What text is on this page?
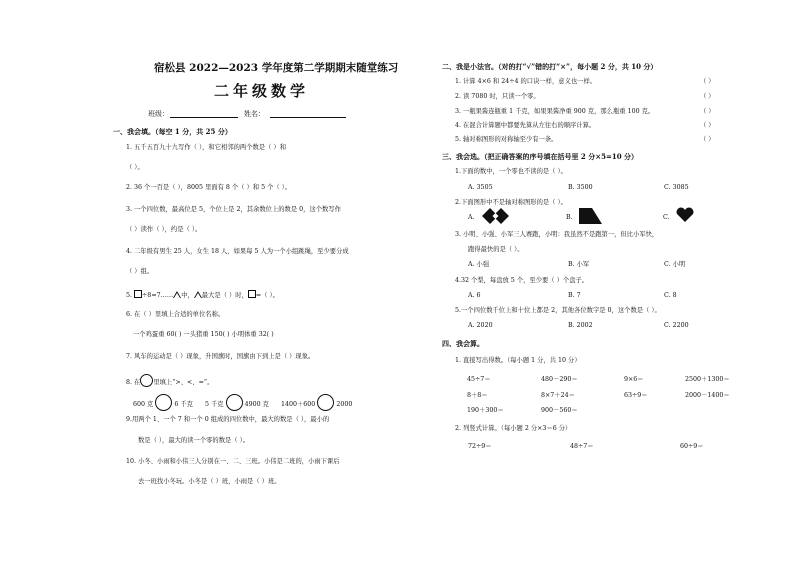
宿松县 2022—2023 学年度第二学期期末随堂练习
二年级数学
班级：	姓名：
一、我会填。（每空 1 分，共 25 分）
1. 五千五百九十九写作（ ），和它相邻的两个数是（ ）和
（ ）。
2. 36 个一百是（ ），8005 里面有 8 个（ ）和 5 个（ ）。
3. 一个四位数，最高位是 5，个位上是 2，其余数位上的数是 0，这个数写作
（ ）读作（ ），约是（ ）。
4. 二年级有男生 25 人，女生 18 人，如果每 5 人为一个小组跳绳，至少要分成
（ ）组。
5. ÷8=7…… 中， 最大是（ ）时， =（ ）。
6. 在（ ）里填上合适的单位名称。
一个鸡蛋重 60( ) 一头猪重 150( ) 小明体重 32( )
7. 风车的运动是（ ）现象，升国旗时，国旗由下到上是（ ）现象。
8. 在 里填上“>、<、=”。
600 克	6 千克 5 千克	4900 克 1400＋600	2000
9.用两个 1、一个 7 和一个 0 组成的四位数中，最大的数是（ ），最小的
数是（ ），最大的读一个零的数是（ ）。
10. 小冬、小雨和小伟三人分别在一、二、三班。小伟是二班的，小雨下课后
去一班找小冬玩。小冬是（ ）班，小雨是（ ）班。
二、我是小法官。（对的打“√”错的打“×”，每小题 2 分，共 10 分）
1. 计算 4×6 和 24÷4 的口诀一样，意义也一样。
2. 读 7080 时，只读一个零。
3. 一瓶果酱连瓶重 1 千克，如果果酱净重 900 克，那么瓶重 100 克。
4. 在混合计算题中都要先算从左往右的顺序计算。
5. 轴对称图形的对称轴至少有一条。
（ ）
（ ）
（ ）
（ ）
（ ）
三、我会选。（把正确答案的序号填在括号里 2 分×5=10 分）
1.下面的数中，一个零也不读的是（ ）。
A. 3505	B. 3500	C. 3085
2.下面图形中不是轴对称图形的是（ ）。
A.	B.	C.
3. 小明、小强、小军三人赛跑，小明：我虽然不是跑第一，但比小军快，
跑得最快的是（ ）。
A. 小强	B. 小军	C. 小明
4.32 个梨，每盘放 5 个，至少要（ ）个盘子。
A. 6	B. 7	C. 8
5.一个四位数千位上和十位上都是 2，其他各位数字是 0，这个数是（ ）。
A. 2020	B. 2002	C. 2200
四、我会算。
1. 直接写出得数。（每小题 1 分，共 10 分）
45÷7＝	480－290＝	9×6＝	2500＋1300＝
8＋8＝	8×7＋24＝	63÷9＝	2000－1400＝
190＋300＝	900－560＝
2. 列竖式计算。（每小题 2 分×3＝6 分）
72÷9＝	48÷7＝	60÷9＝
